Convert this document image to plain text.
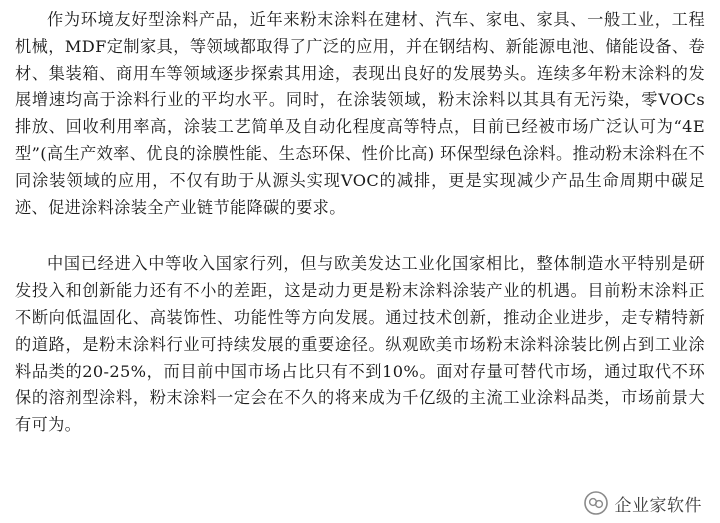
作为环境友好型涂料产品，近年来粉末涂料在建材、汽车、家电、家具、一般工业，工程机械，MDF定制家具，等领域都取得了广泛的应用，并在钢结构、新能源电池、储能设备、卷材、集装箱、商用车等领域逐步探索其用途，表现出良好的发展势头。连续多年粉末涂料的发展增速均高于涂料行业的平均水平。同时，在涂装领域，粉末涂料以其具有无污染，零VOCs排放、回收利用率高，涂装工艺简单及自动化程度高等特点，目前已经被市场广泛认可为“4E型”(高生产效率、优良的涂膜性能、生态环保、性价比高) 环保型绿色涂料。推动粉末涂料在不同涂装领域的应用，不仅有助于从源头实现VOC的减排，更是实现减少产品生命周期中碳足迹、促进涂料涂装全产业链节能降碳的要求。

中国已经进入中等收入国家行列，但与欧美发达工业化国家相比，整体制造水平特别是研发投入和创新能力还有不小的差距，这是动力更是粉末涂料涂装产业的机遇。目前粉末涂料正不断向低温固化、高装饰性、功能性等方向发展。通过技术创新，推动企业进步，走专精特新的道路，是粉末涂料行业可持续发展的重要途径。纵观欧美市场粉末涂料涂装比例占到工业涂料品类的20-25%，而目前中国市场占比只有不到10%。面对存量可替代市场，通过取代不环保的溶剂型涂料，粉末涂料一定会在不久的将来成为千亿级的主流工业涂料品类，市场前景大有可为。

企业家软件
